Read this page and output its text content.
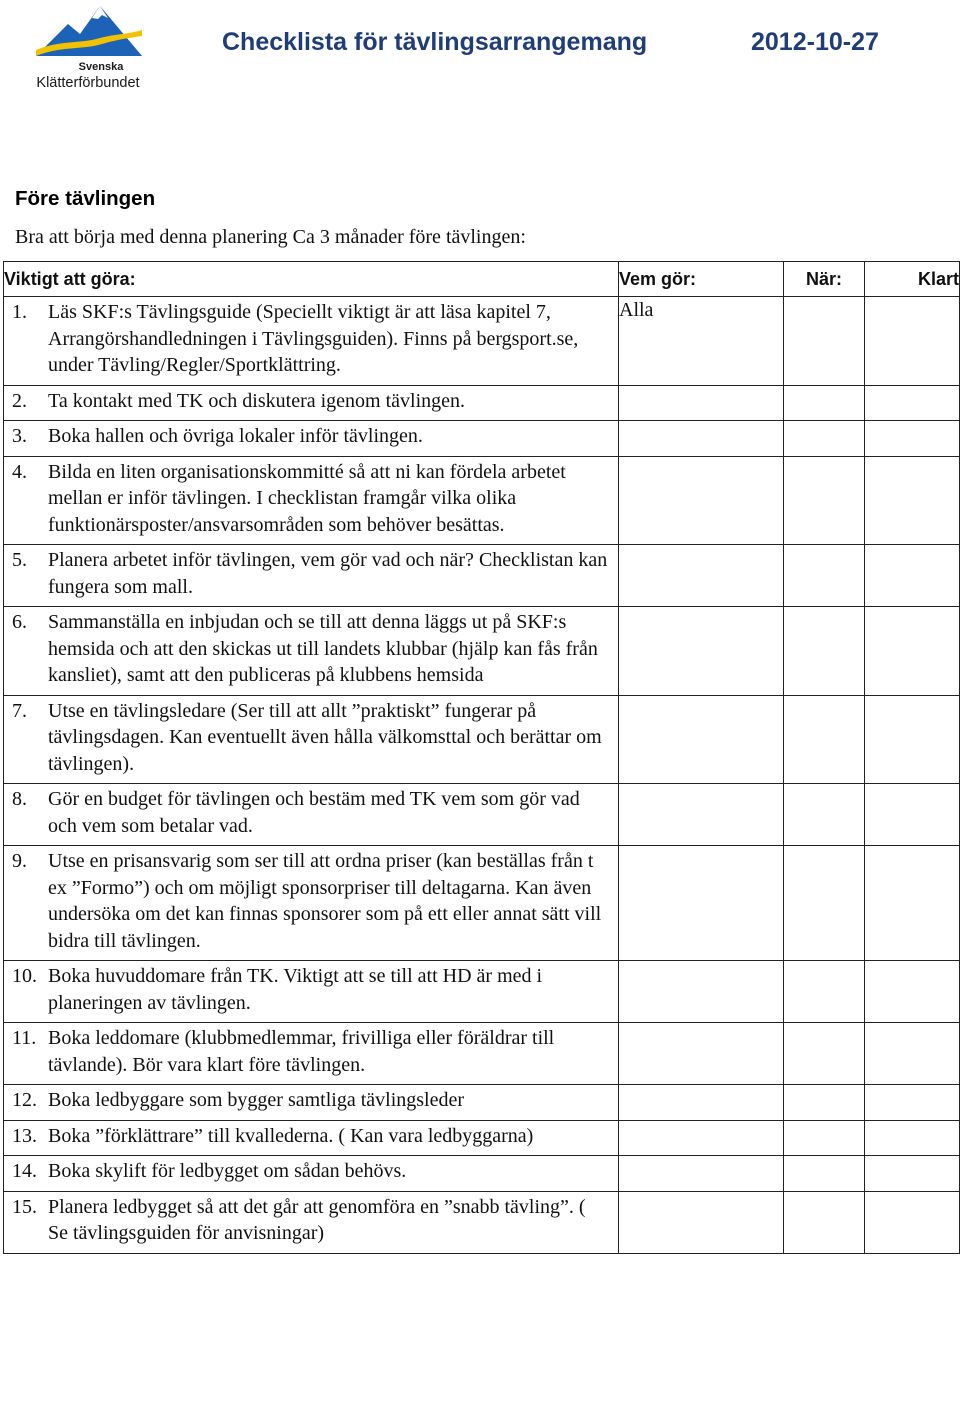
Svenska
Klätterförbundet
Checklista för tävlingsarrangemang	2012-10-27
Före tävlingen
Bra att börja med denna planering Ca 3 månader före tävlingen:
Viktigt att göra:	Vem gör:	När:	Klart

1. Läs SKF:s Tävlingsguide (Speciellt viktigt är att läsa kapitel 7, Arrangörshandledningen i Tävlingsguiden). Finns på bergsport.se, under Tävling/Regler/Sportklättring.	Alla		

2. Ta kontakt med TK och diskutera igenom tävlingen.			

3. Boka hallen och övriga lokaler inför tävlingen.			

4. Bilda en liten organisationskommitté så att ni kan fördela arbetet mellan er inför tävlingen. I checklistan framgår vilka olika funktionärsposter/ansvarsområden som behöver besättas.			

5. Planera arbetet inför tävlingen, vem gör vad och när? Checklistan kan fungera som mall.			

6. Sammanställa en inbjudan och se till att denna läggs ut på SKF:s hemsida och att den skickas ut till landets klubbar (hjälp kan fås från kansliet), samt att den publiceras på klubbens hemsida			

7. Utse en tävlingsledare (Ser till att allt ”praktiskt” fungerar på tävlingsdagen. Kan eventuellt även hålla välkomsttal och berättar om tävlingen).			

8. Gör en budget för tävlingen och bestäm med TK vem som gör vad och vem som betalar vad.			

9. Utse en prisansvarig som ser till att ordna priser (kan beställas från t ex ”Formo”) och om möjligt sponsorpriser till deltagarna. Kan även undersöka om det kan finnas sponsorer som på ett eller annat sätt vill bidra till tävlingen.			

10. Boka huvuddomare från TK. Viktigt att se till att HD är med i planeringen av tävlingen.			

11. Boka leddomare (klubbmedlemmar, frivilliga eller föräldrar till tävlande). Bör vara klart före tävlingen.			

12. Boka ledbyggare som bygger samtliga tävlingsleder			

13. Boka ”förklättrare” till kvallederna. ( Kan vara ledbyggarna)			

14. Boka skylift för ledbygget om sådan behövs.			

15. Planera ledbygget så att det går att genomföra en ”snabb tävling”. ( Se tävlingsguiden för anvisningar)			
